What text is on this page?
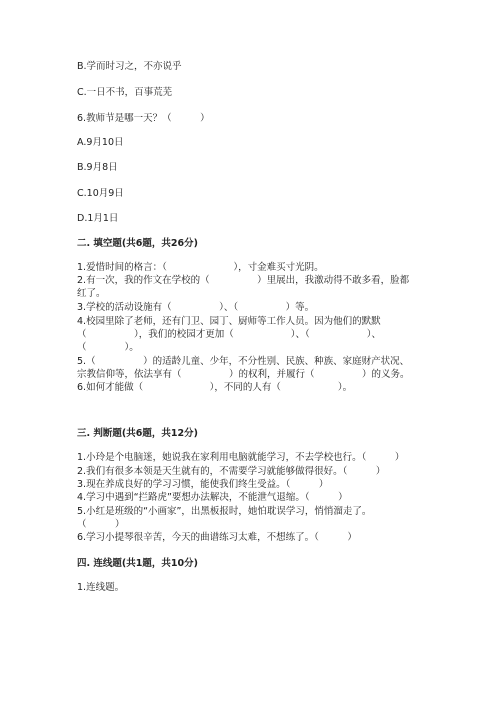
B.学而时习之，不亦说乎
C.一日不书，百事荒芜
6.教师节是哪一天？（　　　）
A.9月10日
B.9月8日
C.10月9日
D.1月1日
二. 填空题(共6题，共26分)
1.爱惜时间的格言：（　　　　　　　），寸金难买寸光阴。
2.有一次，我的作文在学校的（　　　　　）里展出，我激动得不敢多看，脸都
红了。
3.学校的活动设施有（　　　　　）、（　　　　　）等。
4.校园里除了老师，还有门卫、园丁、厨师等工作人员。因为他们的默默
（　　　　　），我们的校园才更加（　　　　　　）、（　　　　　　）、
（　　　　）。
5.（　　　　　）的适龄儿童、少年，不分性别、民族、种族、家庭财产状况、
宗教信仰等，依法享有（　　　　　）的权利，并履行（　　　　　）的义务。
6.如何才能做（　　　　　　　），不同的人有（　　　　　　）。
三. 判断题(共6题，共12分)
1.小玲是个电脑迷，她说我在家利用电脑就能学习，不去学校也行。（　　　）
2.我们有很多本领是天生就有的，不需要学习就能够做得很好。（　　　）
3.现在养成良好的学习习惯，能使我们终生受益。（　　　）
4.学习中遇到“拦路虎”要想办法解决，不能泄气退缩。（　　　）
5.小红是班级的“小画家”，出黑板报时，她怕耽误学习，悄悄溜走了。
（　　　）
6.学习小提琴很辛苦，今天的曲谱练习太难，不想练了。（　　　）
四. 连线题(共1题，共10分)
1.连线题。
